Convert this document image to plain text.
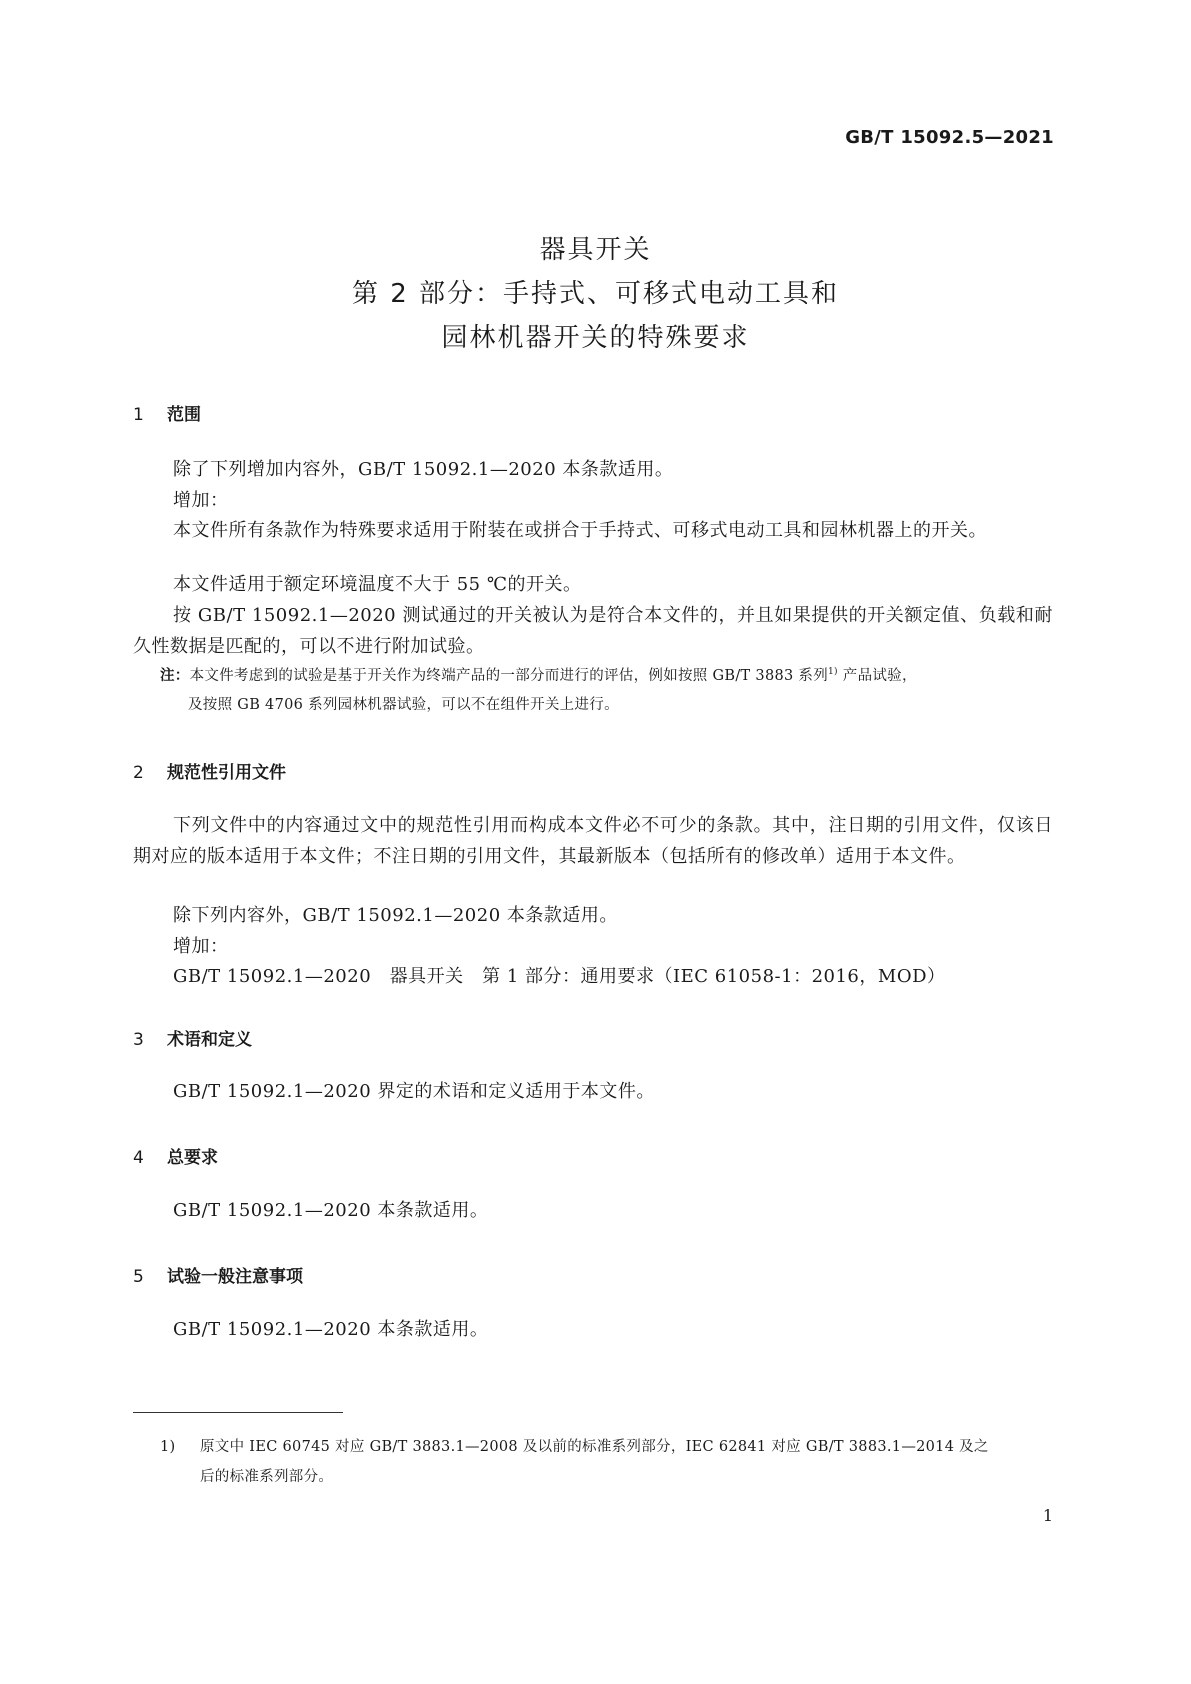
GB/T 15092.5—2021
器具开关
第 2 部分：手持式、可移式电动工具和
园林机器开关的特殊要求
1 范围
除了下列增加内容外，GB/T 15092.1—2020 本条款适用。
增加：
本文件所有条款作为特殊要求适用于附装在或拼合于手持式、可移式电动工具和园林机器上的开关。
本文件适用于额定环境温度不大于 55 ℃的开关。
按 GB/T 15092.1—2020 测试通过的开关被认为是符合本文件的，并且如果提供的开关额定值、负载和耐久性数据是匹配的，可以不进行附加试验。
注：本文件考虑到的试验是基于开关作为终端产品的一部分而进行的评估，例如按照 GB/T 3883 系列$^{1)}$ 产品试验，
及按照 GB 4706 系列园林机器试验，可以不在组件开关上进行。
2 规范性引用文件
下列文件中的内容通过文中的规范性引用而构成本文件必不可少的条款。其中，注日期的引用文件，仅该日期对应的版本适用于本文件；不注日期的引用文件，其最新版本（包括所有的修改单）适用于本文件。
除下列内容外，GB/T 15092.1—2020 本条款适用。
增加：
GB/T 15092.1—2020　器具开关　第 1 部分：通用要求（IEC 61058-1：2016，MOD）
3 术语和定义
GB/T 15092.1—2020 界定的术语和定义适用于本文件。
4 总要求
GB/T 15092.1—2020 本条款适用。
5 试验一般注意事项
GB/T 15092.1—2020 本条款适用。
1) 原文中 IEC 60745 对应 GB/T 3883.1—2008 及以前的标准系列部分，IEC 62841 对应 GB/T 3883.1—2014 及之
后的标准系列部分。
1
